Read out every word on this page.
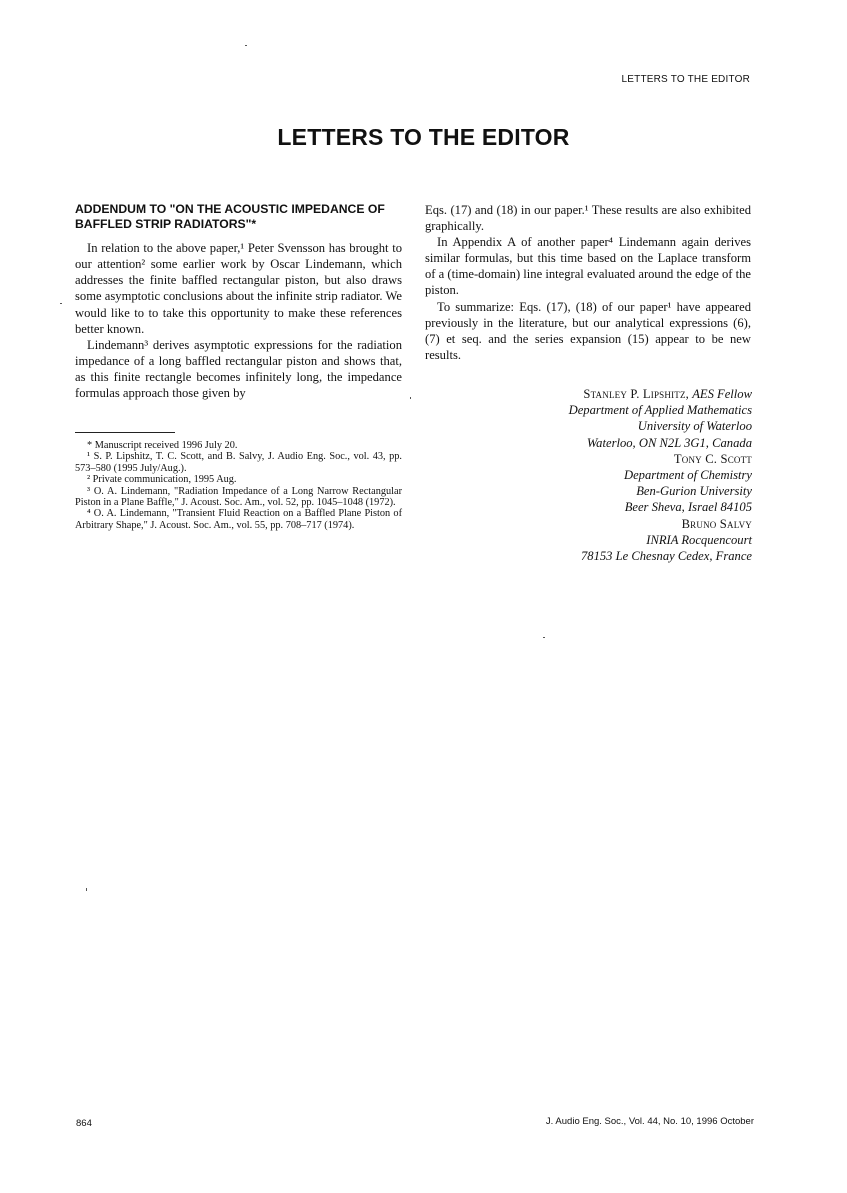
LETTERS TO THE EDITOR
LETTERS TO THE EDITOR
ADDENDUM TO "ON THE ACOUSTIC IMPEDANCE OF BAFFLED STRIP RADIATORS"*

In relation to the above paper,¹ Peter Svensson has brought to our attention² some earlier work by Oscar Lindemann, which addresses the finite baffled rectangular piston, but also draws some asymptotic conclusions about the infinite strip radiator. We would like to to take this opportunity to make these references better known.

Lindemann³ derives asymptotic expressions for the radiation impedance of a long baffled rectangular piston and shows that, as this finite rectangle becomes infinitely long, the impedance formulas approach those given by

* Manuscript received 1996 July 20.

¹ S. P. Lipshitz, T. C. Scott, and B. Salvy, J. Audio Eng. Soc., vol. 43, pp. 573–580 (1995 July/Aug.).

² Private communication, 1995 Aug.

³ O. A. Lindemann, "Radiation Impedance of a Long Narrow Rectangular Piston in a Plane Baffle," J. Acoust. Soc. Am., vol. 52, pp. 1045–1048 (1972).

⁴ O. A. Lindemann, "Transient Fluid Reaction on a Baffled Plane Piston of Arbitrary Shape," J. Acoust. Soc. Am., vol. 55, pp. 708–717 (1974).

Eqs. (17) and (18) in our paper.¹ These results are also exhibited graphically.

In Appendix A of another paper⁴ Lindemann again derives similar formulas, but this time based on the Laplace transform of a (time-domain) line integral evaluated around the edge of the piston.

To summarize: Eqs. (17), (18) of our paper¹ have appeared previously in the literature, but our analytical expressions (6), (7) et seq. and the series expansion (15) appear to be new results.

Stanley P. Lipshitz, AES Fellow
Department of Applied Mathematics
University of Waterloo
Waterloo, ON N2L 3G1, Canada
Tony C. Scott
Department of Chemistry
Ben-Gurion University
Beer Sheva, Israel 84105
Bruno Salvy
INRIA Rocquencourt
78153 Le Chesnay Cedex, France
864	J. Audio Eng. Soc., Vol. 44, No. 10, 1996 October
